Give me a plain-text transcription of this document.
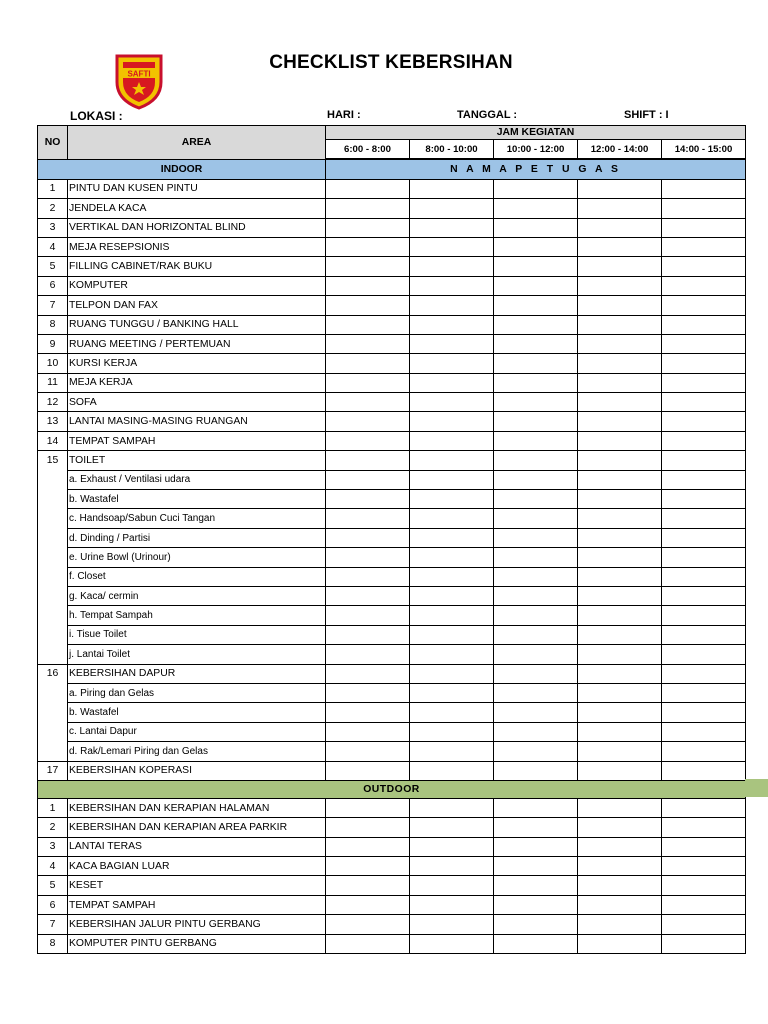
SAFTI
CHECKLIST KEBERSIHAN
LOKASI :	HARI :	TANGGAL :	SHIFT : I
NO	AREA	JAM KEGIATAN				
		6:00 - 8:00	8:00 - 10:00	10:00 - 12:00	12:00 - 14:00	14:00 - 15:00
INDOOR		N A M A P E T U G A S				
1	PINTU DAN KUSEN PINTU					
2	JENDELA KACA					
3	VERTIKAL DAN HORIZONTAL BLIND					
4	MEJA RESEPSIONIS					
5	FILLING CABINET/RAK BUKU					
6	KOMPUTER					
7	TELPON DAN FAX					
8	RUANG TUNGGU / BANKING HALL					
9	RUANG MEETING / PERTEMUAN					
10	KURSI KERJA					
11	MEJA KERJA					
12	SOFA					
13	LANTAI MASING-MASING RUANGAN					
14	TEMPAT SAMPAH					
15	TOILET					
	a. Exhaust / Ventilasi udara					
	b. Wastafel					
	c. Handsoap/Sabun Cuci Tangan					
	d. Dinding / Partisi					
	e. Urine Bowl (Urinour)					
	f. Closet					
	g. Kaca/ cermin					
	h. Tempat Sampah					
	i. Tisue Toilet					
	j. Lantai Toilet					
16	KEBERSIHAN DAPUR					
	a. Piring dan Gelas					
	b. Wastafel					
	c. Lantai Dapur					
	d. Rak/Lemari Piring dan Gelas					
17	KEBERSIHAN KOPERASI					
OUTDOOR						
1	KEBERSIHAN DAN KERAPIAN HALAMAN					
2	KEBERSIHAN DAN KERAPIAN AREA PARKIR					
3	LANTAI TERAS					
4	KACA BAGIAN LUAR					
5	KESET					
6	TEMPAT SAMPAH					
7	KEBERSIHAN JALUR PINTU GERBANG					
8	KOMPUTER PINTU GERBANG					
